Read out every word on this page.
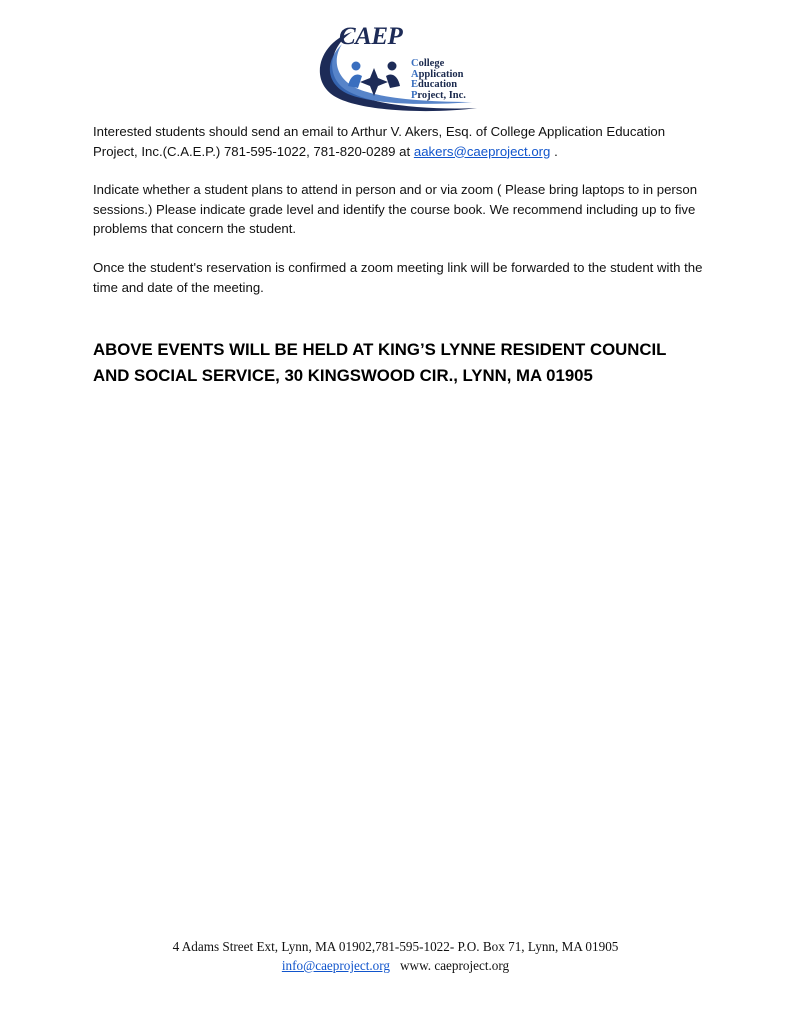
CAEP
College
Application
Education
Project, Inc.

Interested students should send an email to Arthur V. Akers, Esq. of College Application Education Project, Inc.(C.A.E.P.) 781-595-1022, 781-820-0289 at aakers@caeproject.org .

Indicate whether a student plans to attend in person and or via zoom ( Please bring laptops to in person sessions.) Please indicate grade level and identify the course book. We recommend including up to five problems that concern the student.

Once the student's reservation is confirmed a zoom meeting link will be forwarded to the student with the time and date of the meeting.

ABOVE EVENTS WILL BE HELD AT KING’S LYNNE RESIDENT COUNCIL AND SOCIAL SERVICE, 30 KINGSWOOD CIR., LYNN, MA 01905
4 Adams Street Ext, Lynn, MA 01902,781-595-1022- P.O. Box 71, Lynn, MA 01905
info@caeproject.org www. caeproject.org
